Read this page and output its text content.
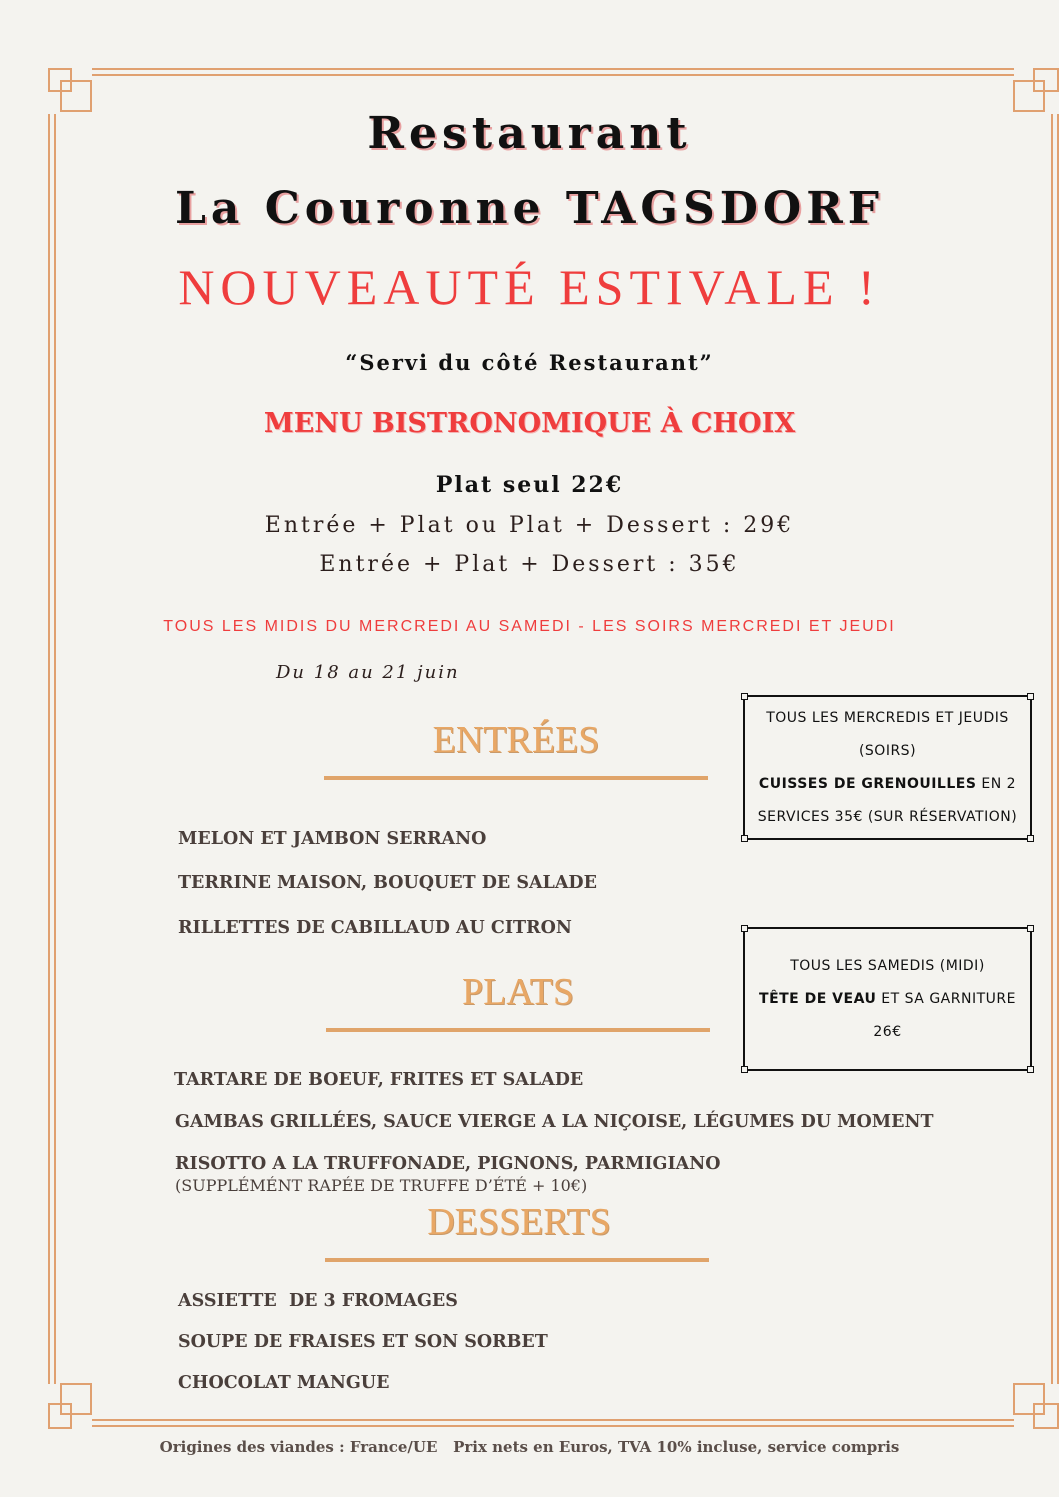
Restaurant
La Couronne TAGSDORF
NOUVEAUTÉ ESTIVALE !
“Servi du côté Restaurant”
MENU BISTRONOMIQUE À CHOIX
Plat seul 22€
Entrée + Plat ou Plat + Dessert : 29€
Entrée + Plat + Dessert : 35€
TOUS LES MIDIS DU MERCREDI AU SAMEDI - LES SOIRS MERCREDI ET JEUDI
Du 18 au 21 juin
ENTRÉES
MELON ET JAMBON SERRANO
TERRINE MAISON, BOUQUET DE SALADE
RILLETTES DE CABILLAUD AU CITRON
PLATS
TARTARE DE BOEUF, FRITES ET SALADE
GAMBAS GRILLÉES, SAUCE VIERGE A LA NIÇOISE, LÉGUMES DU MOMENT
RISOTTO A LA TRUFFONADE, PIGNONS, PARMIGIANO
(SUPPLÉMÉNT RAPÉE DE TRUFFE D’ÉTÉ + 10€)
DESSERTS
ASSIETTE  DE 3 FROMAGES
SOUPE DE FRAISES ET SON SORBET
CHOCOLAT MANGUE
TOUS LES MERCREDIS ET JEUDIS
(SOIRS)
CUISSES DE GRENOUILLES EN 2
SERVICES 35€ (SUR RÉSERVATION)
TOUS LES SAMEDIS (MIDI)
TÊTE DE VEAU ET SA GARNITURE
26€
Origines des viandes : France/UE   Prix nets en Euros, TVA 10% incluse, service compris
